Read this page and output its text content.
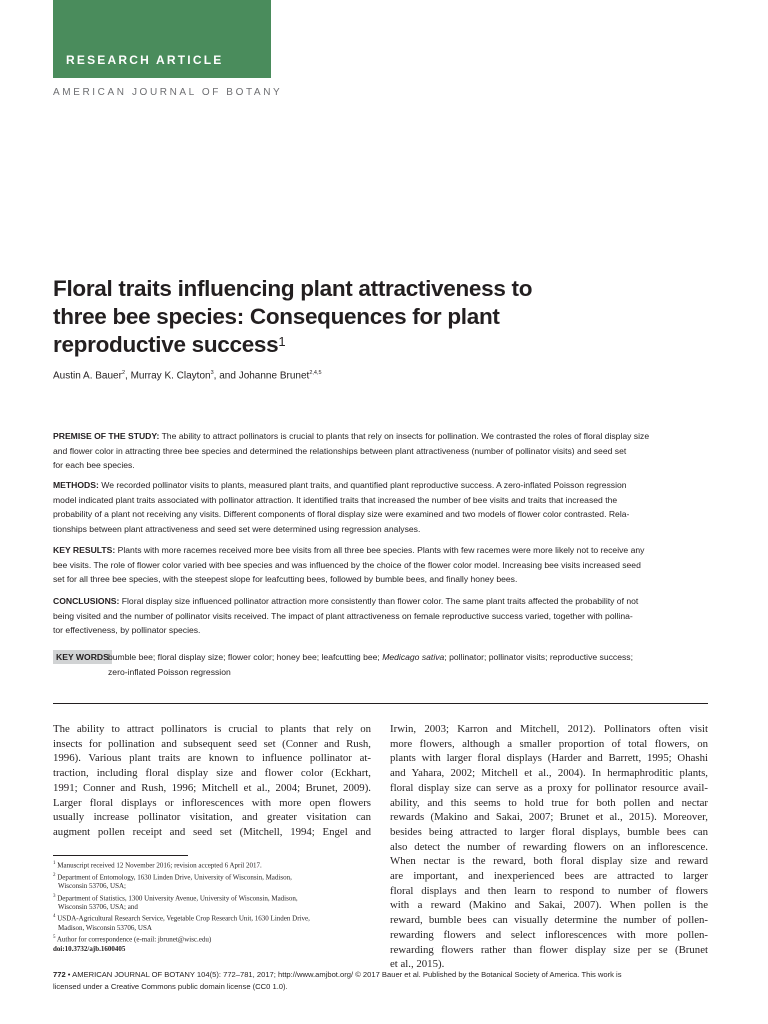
RESEARCH ARTICLE
AMERICAN JOURNAL OF BOTANY
Floral traits influencing plant attractiveness to
three bee species: Consequences for plant
reproductive success$^1$
Austin A. Bauer$^2$, Murray K. Clayton$^3$, and Johanne Brunet$^{2,4,5}$
PREMISE OF THE STUDY: The ability to attract pollinators is crucial to plants that rely on insects for pollination. We contrasted the roles of floral display size
and flower color in attracting three bee species and determined the relationships between plant attractiveness (number of pollinator visits) and seed set
for each bee species.
METHODS: We recorded pollinator visits to plants, measured plant traits, and quantified plant reproductive success. A zero-inflated Poisson regression
model indicated plant traits associated with pollinator attraction. It identified traits that increased the number of bee visits and traits that increased the
probability of a plant not receiving any visits. Different components of floral display size were examined and two models of flower color contrasted. Rela-
tionships between plant attractiveness and seed set were determined using regression analyses.
KEY RESULTS: Plants with more racemes received more bee visits from all three bee species. Plants with few racemes were more likely not to receive any
bee visits. The role of flower color varied with bee species and was influenced by the choice of the flower color model. Increasing bee visits increased seed
set for all three bee species, with the steepest slope for leafcutting bees, followed by bumble bees, and finally honey bees.
CONCLUSIONS: Floral display size influenced pollinator attraction more consistently than flower color. The same plant traits affected the probability of not
being visited and the number of pollinator visits received. The impact of plant attractiveness on female reproductive success varied, together with pollina-
tor effectiveness, by pollinator species.
KEY WORDS bumble bee; floral display size; flower color; honey bee; leafcutting bee; Medicago sativa; pollinator; pollinator visits; reproductive success;
zero-inflated Poisson regression
The ability to attract pollinators is crucial to plants that rely on
insects for pollination and subsequent seed set (Conner and Rush,
1996). Various plant traits are known to influence pollinator at-
traction, including floral display size and flower color (Eckhart,
1991; Conner and Rush, 1996; Mitchell et al., 2004; Brunet, 2009).
Larger floral displays or inflorescences with more open flowers
usually increase pollinator visitation, and greater visitation can
augment pollen receipt and seed set (Mitchell, 1994; Engel and
Irwin, 2003; Karron and Mitchell, 2012). Pollinators often visit
more flowers, although a smaller proportion of total flowers, on
plants with larger floral displays (Harder and Barrett, 1995; Ohashi
and Yahara, 2002; Mitchell et al., 2004). In hermaphroditic plants,
floral display size can serve as a proxy for pollinator resource avail-
ability, and this seems to hold true for both pollen and nectar
rewards (Makino and Sakai, 2007; Brunet et al., 2015). Moreover,
besides being attracted to larger floral displays, bumble bees can
also detect the number of rewarding flowers on an inflorescence.
When nectar is the reward, both floral display size and reward
are important, and inexperienced bees are attracted to larger
floral displays and then learn to respond to number of flowers
with a reward (Makino and Sakai, 2007). When pollen is the
reward, bumble bees can visually determine the number of pollen-
rewarding flowers and select inflorescences with more pollen-
rewarding flowers rather than flower display size per se (Brunet
et al., 2015).
$^1$ Manuscript received 12 November 2016; revision accepted 6 April 2017.
$^2$ Department of Entomology, 1630 Linden Drive, University of Wisconsin, Madison,
Wisconsin 53706, USA;
$^3$ Department of Statistics, 1300 University Avenue, University of Wisconsin, Madison,
Wisconsin 53706, USA; and
$^4$ USDA-Agricultural Research Service, Vegetable Crop Research Unit, 1630 Linden Drive,
Madison, Wisconsin 53706, USA
$^5$ Author for correspondence (e-mail: jbrunet@wisc.edu)
doi:10.3732/ajb.1600405
772 • AMERICAN JOURNAL OF BOTANY 104(5): 772–781, 2017; http://www.amjbot.org/ © 2017 Bauer et al. Published by the Botanical Society of America. This work is
licensed under a Creative Commons public domain license (CC0 1.0).
